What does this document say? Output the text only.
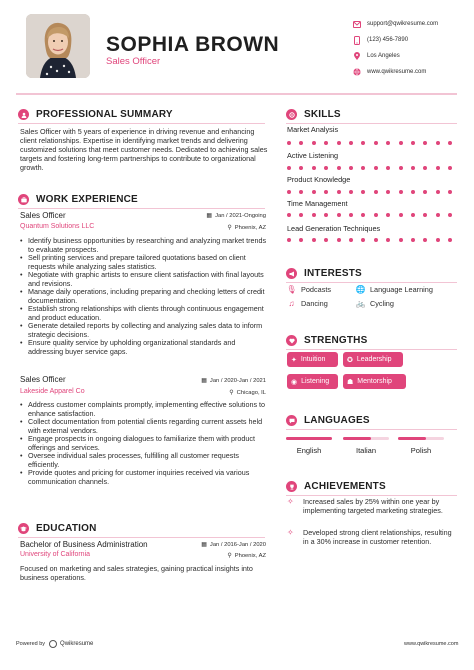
SOPHIA BROWN
Sales Officer
support@qwikresume.com
(123) 456-7890
Los Angeles
www.qwikresume.com
PROFESSIONAL SUMMARY
Sales Officer with 5 years of experience in driving revenue and enhancing client relationships. Expertise in identifying market trends and delivering customized solutions that meet customer needs. Dedicated to achieving sales targets and fostering long-term partnerships to contribute to organizational growth.
WORK EXPERIENCE
Sales Officer	▦ Jan / 2021-Ongoing
Quantum Solutions LLC	⚲ Phoenix, AZ
• Identify business opportunities by researching and analyzing market trends to evaluate prospects.
• Sell printing services and prepare tailored quotations based on client requests while analyzing sales statistics.
• Negotiate with graphic artists to ensure client satisfaction with final layouts and revisions.
• Manage daily operations, including preparing and checking letters of credit documentation.
• Establish strong relationships with clients through continuous engagement and product education.
• Generate detailed reports by collecting and analyzing sales data to inform strategic decisions.
• Ensure quality service by upholding organizational standards and addressing buyer service gaps.
Sales Officer	▦ Jan / 2020-Jan / 2021
Lakeside Apparel Co	⚲ Chicago, IL
• Address customer complaints promptly, implementing effective solutions to enhance satisfaction.
• Collect documentation from potential clients regarding current assets held with external vendors.
• Engage prospects in ongoing dialogues to familiarize them with product offerings and services.
• Oversee individual sales processes, fulfilling all customer requests efficiently.
• Provide quotes and pricing for customer inquiries received via various communication channels.
EDUCATION
Bachelor of Business Administration	▦ Jan / 2016-Jan / 2020
University of California	⚲ Phoenix, AZ
Focused on marketing and sales strategies, gaining practical insights into business operations.
SKILLS
Market Analysis
Active Listening
Product Knowledge
Time Management
Lead Generation Techniques
INTERESTS
🎙 Podcasts	🌐 Language Learning
♫ Dancing	🚲 Cycling
STRENGTHS
✦ Intuition	✪ Leadership
◉ Listening	☗ Mentorship
LANGUAGES
English	Italian	Polish
ACHIEVEMENTS
✧	Increased sales by 25% within one year by implementing targeted marketing strategies.
✧	Developed strong client relationships, resulting in a 30% increase in customer retention.
Powered by	Qwikresume	www.qwikresume.com
